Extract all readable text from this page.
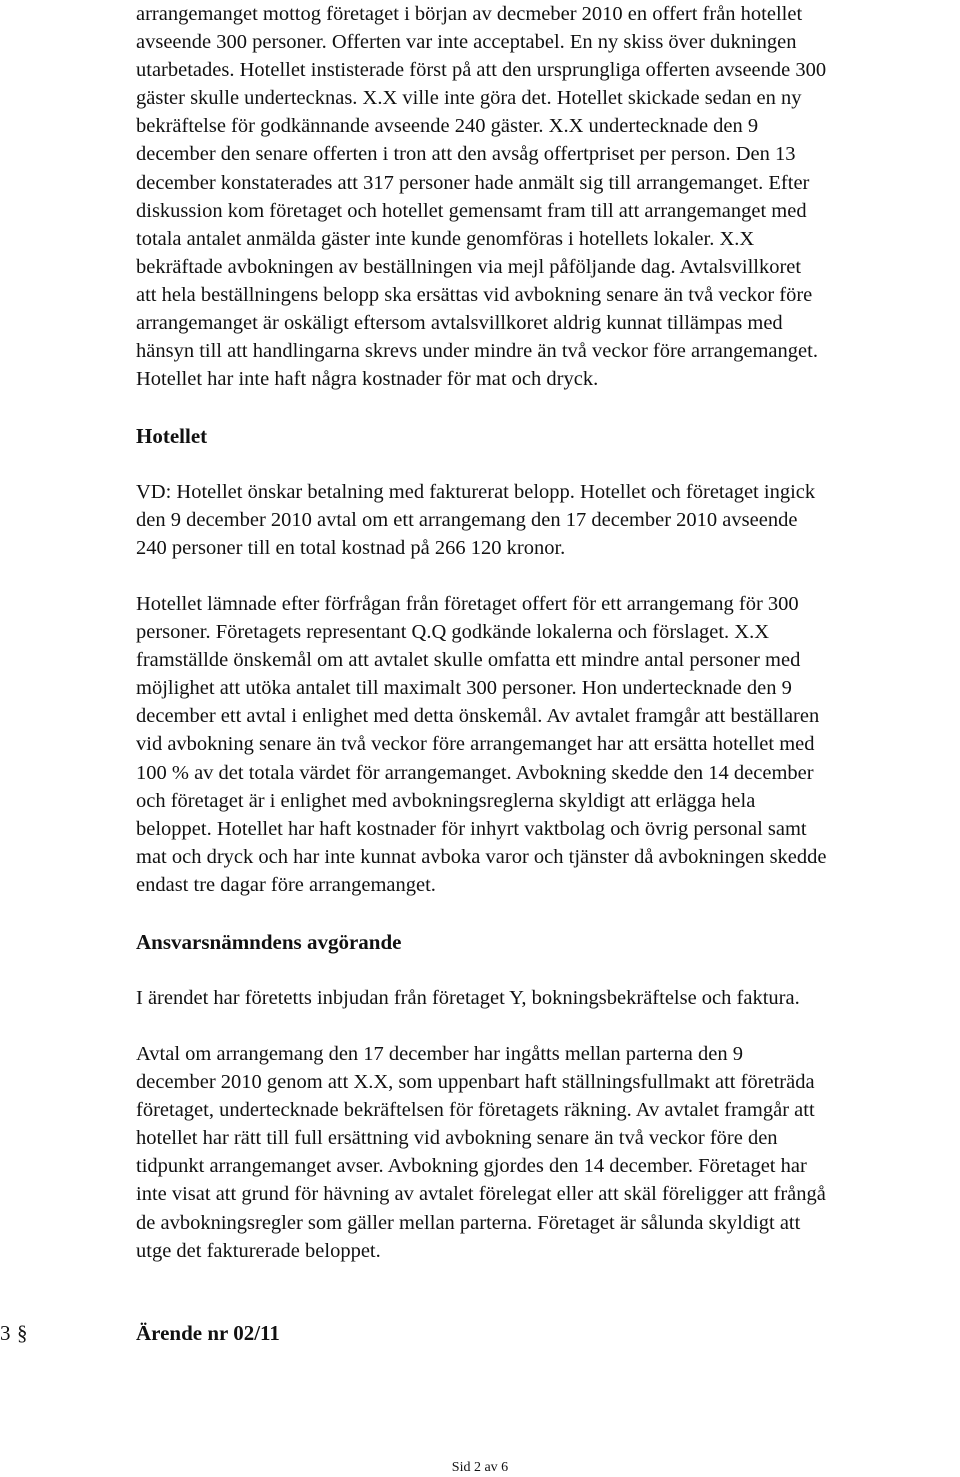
arrangemanget mottog företaget i början av decmeber 2010 en offert från hotellet
avseende 300 personer. Offerten var inte acceptabel. En ny skiss över dukningen
utarbetades. Hotellet instisterade först på att den ursprungliga offerten avseende 300
gäster skulle undertecknas. X.X ville inte göra det. Hotellet skickade sedan en ny
bekräftelse för godkännande avseende 240 gäster. X.X undertecknade den 9
december den senare offerten i tron att den avsåg offertpriset per person. Den 13
december konstaterades att 317 personer hade anmält sig till arrangemanget. Efter
diskussion kom företaget och hotellet gemensamt fram till att arrangemanget med
totala antalet anmälda gäster inte kunde genomföras i hotellets lokaler. X.X
bekräftade avbokningen av beställningen via mejl påföljande dag. Avtalsvillkoret
att hela beställningens belopp ska ersättas vid avbokning senare än två veckor före
arrangemanget är oskäligt eftersom avtalsvillkoret aldrig kunnat tillämpas med
hänsyn till att handlingarna skrevs under mindre än två veckor före arrangemanget.
Hotellet har inte haft några kostnader för mat och dryck.

Hotellet

VD: Hotellet önskar betalning med fakturerat belopp. Hotellet och företaget ingick
den 9 december 2010 avtal om ett arrangemang den 17 december 2010 avseende
240 personer till en total kostnad på 266 120 kronor.

Hotellet lämnade efter förfrågan från företaget offert för ett arrangemang för 300
personer. Företagets representant Q.Q godkände lokalerna och förslaget. X.X
framställde önskemål om att avtalet skulle omfatta ett mindre antal personer med
möjlighet att utöka antalet till maximalt 300 personer. Hon undertecknade den 9
december ett avtal i enlighet med detta önskemål. Av avtalet framgår att beställaren
vid avbokning senare än två veckor före arrangemanget har att ersätta hotellet med
100 % av det totala värdet för arrangemanget. Avbokning skedde den 14 december
och företaget är i enlighet med avbokningsreglerna skyldigt att erlägga hela
beloppet. Hotellet har haft kostnader för inhyrt vaktbolag och övrig personal samt
mat och dryck och har inte kunnat avboka varor och tjänster då avbokningen skedde
endast tre dagar före arrangemanget.

Ansvarsnämndens avgörande

I ärendet har företetts inbjudan från företaget Y, bokningsbekräftelse och faktura.

Avtal om arrangemang den 17 december har ingåtts mellan parterna den 9
december 2010 genom att X.X, som uppenbart haft ställningsfullmakt att företräda
företaget, undertecknade bekräftelsen för företagets räkning. Av avtalet framgår att
hotellet har rätt till full ersättning vid avbokning senare än två veckor före den
tidpunkt arrangemanget avser. Avbokning gjordes den 14 december. Företaget har
inte visat att grund för hävning av avtalet förelegat eller att skäl föreligger att frångå
de avbokningsregler som gäller mellan parterna. Företaget är sålunda skyldigt att
utge det fakturerade beloppet.

3 §	Ärende nr 02/11
Sid 2 av 6
